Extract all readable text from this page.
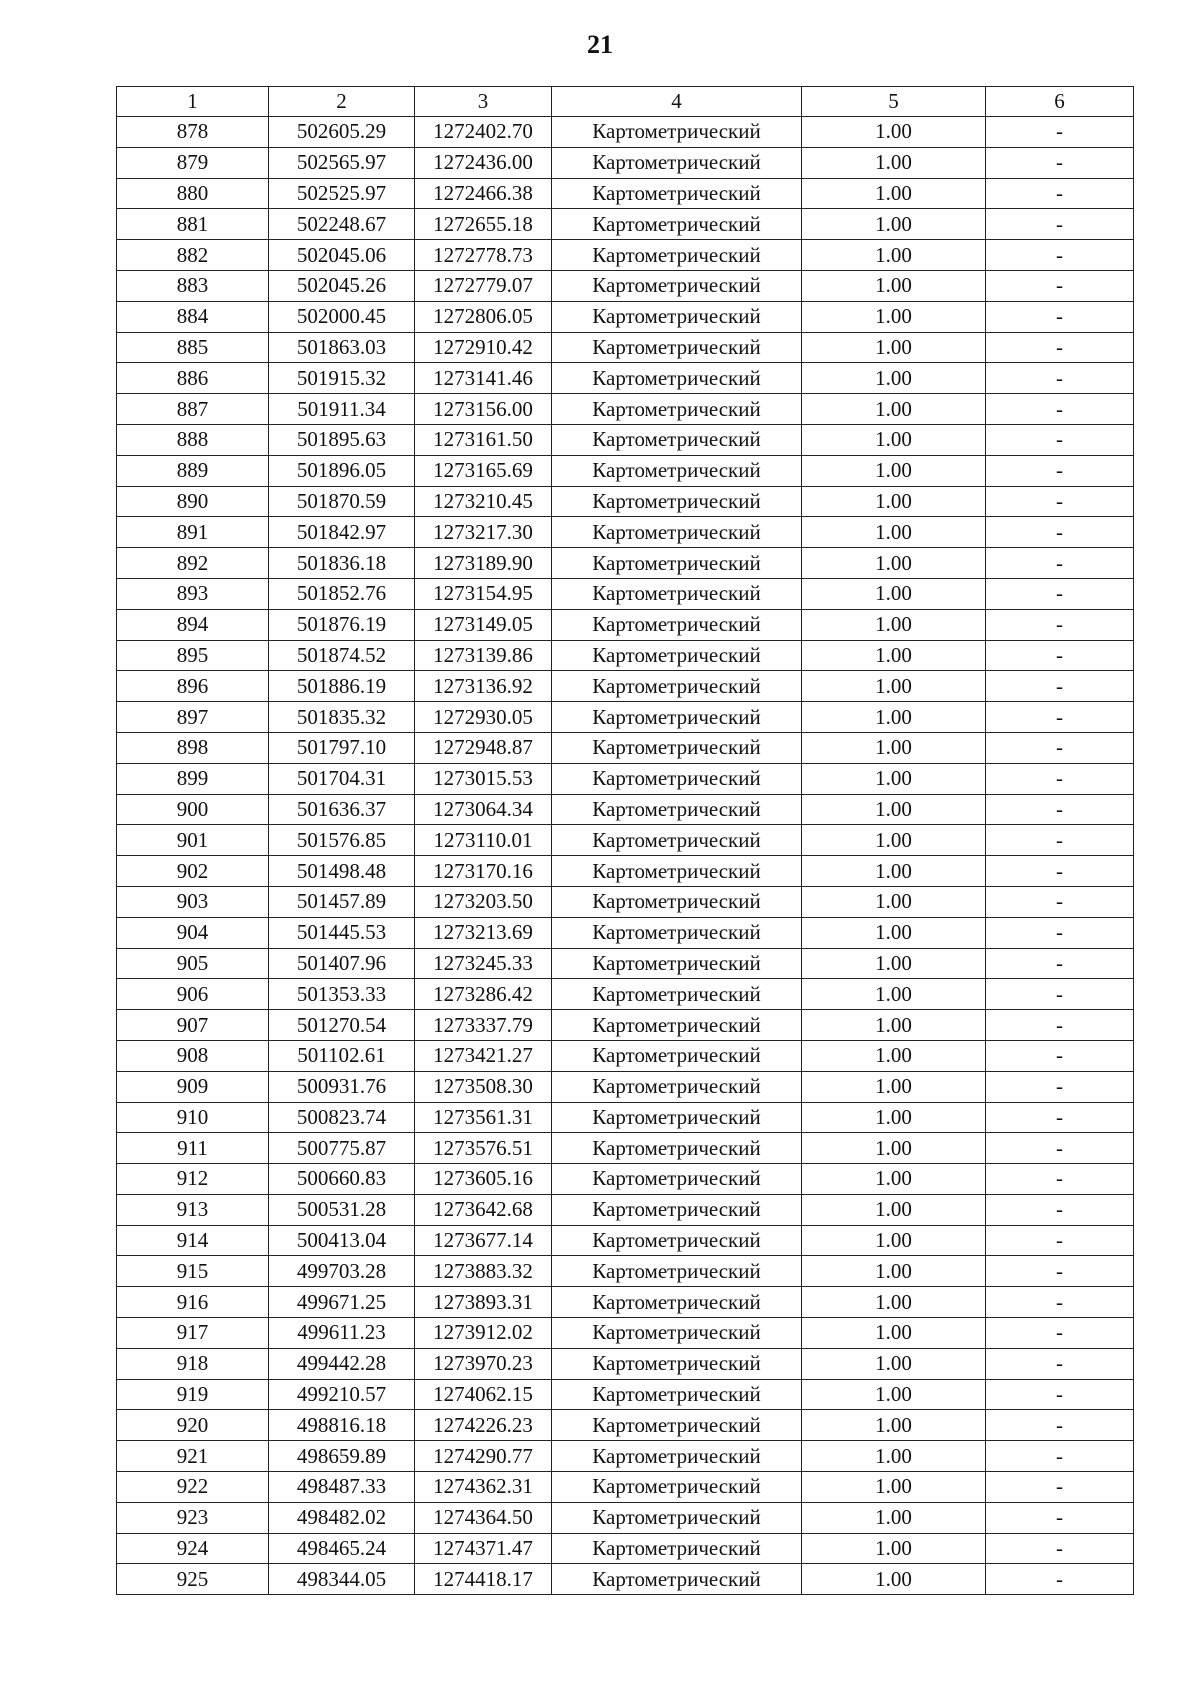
21
1	2	3	4	5	6
878	502605.29	1272402.70	Картометрический	1.00	-
879	502565.97	1272436.00	Картометрический	1.00	-
880	502525.97	1272466.38	Картометрический	1.00	-
881	502248.67	1272655.18	Картометрический	1.00	-
882	502045.06	1272778.73	Картометрический	1.00	-
883	502045.26	1272779.07	Картометрический	1.00	-
884	502000.45	1272806.05	Картометрический	1.00	-
885	501863.03	1272910.42	Картометрический	1.00	-
886	501915.32	1273141.46	Картометрический	1.00	-
887	501911.34	1273156.00	Картометрический	1.00	-
888	501895.63	1273161.50	Картометрический	1.00	-
889	501896.05	1273165.69	Картометрический	1.00	-
890	501870.59	1273210.45	Картометрический	1.00	-
891	501842.97	1273217.30	Картометрический	1.00	-
892	501836.18	1273189.90	Картометрический	1.00	-
893	501852.76	1273154.95	Картометрический	1.00	-
894	501876.19	1273149.05	Картометрический	1.00	-
895	501874.52	1273139.86	Картометрический	1.00	-
896	501886.19	1273136.92	Картометрический	1.00	-
897	501835.32	1272930.05	Картометрический	1.00	-
898	501797.10	1272948.87	Картометрический	1.00	-
899	501704.31	1273015.53	Картометрический	1.00	-
900	501636.37	1273064.34	Картометрический	1.00	-
901	501576.85	1273110.01	Картометрический	1.00	-
902	501498.48	1273170.16	Картометрический	1.00	-
903	501457.89	1273203.50	Картометрический	1.00	-
904	501445.53	1273213.69	Картометрический	1.00	-
905	501407.96	1273245.33	Картометрический	1.00	-
906	501353.33	1273286.42	Картометрический	1.00	-
907	501270.54	1273337.79	Картометрический	1.00	-
908	501102.61	1273421.27	Картометрический	1.00	-
909	500931.76	1273508.30	Картометрический	1.00	-
910	500823.74	1273561.31	Картометрический	1.00	-
911	500775.87	1273576.51	Картометрический	1.00	-
912	500660.83	1273605.16	Картометрический	1.00	-
913	500531.28	1273642.68	Картометрический	1.00	-
914	500413.04	1273677.14	Картометрический	1.00	-
915	499703.28	1273883.32	Картометрический	1.00	-
916	499671.25	1273893.31	Картометрический	1.00	-
917	499611.23	1273912.02	Картометрический	1.00	-
918	499442.28	1273970.23	Картометрический	1.00	-
919	499210.57	1274062.15	Картометрический	1.00	-
920	498816.18	1274226.23	Картометрический	1.00	-
921	498659.89	1274290.77	Картометрический	1.00	-
922	498487.33	1274362.31	Картометрический	1.00	-
923	498482.02	1274364.50	Картометрический	1.00	-
924	498465.24	1274371.47	Картометрический	1.00	-
925	498344.05	1274418.17	Картометрический	1.00	-
